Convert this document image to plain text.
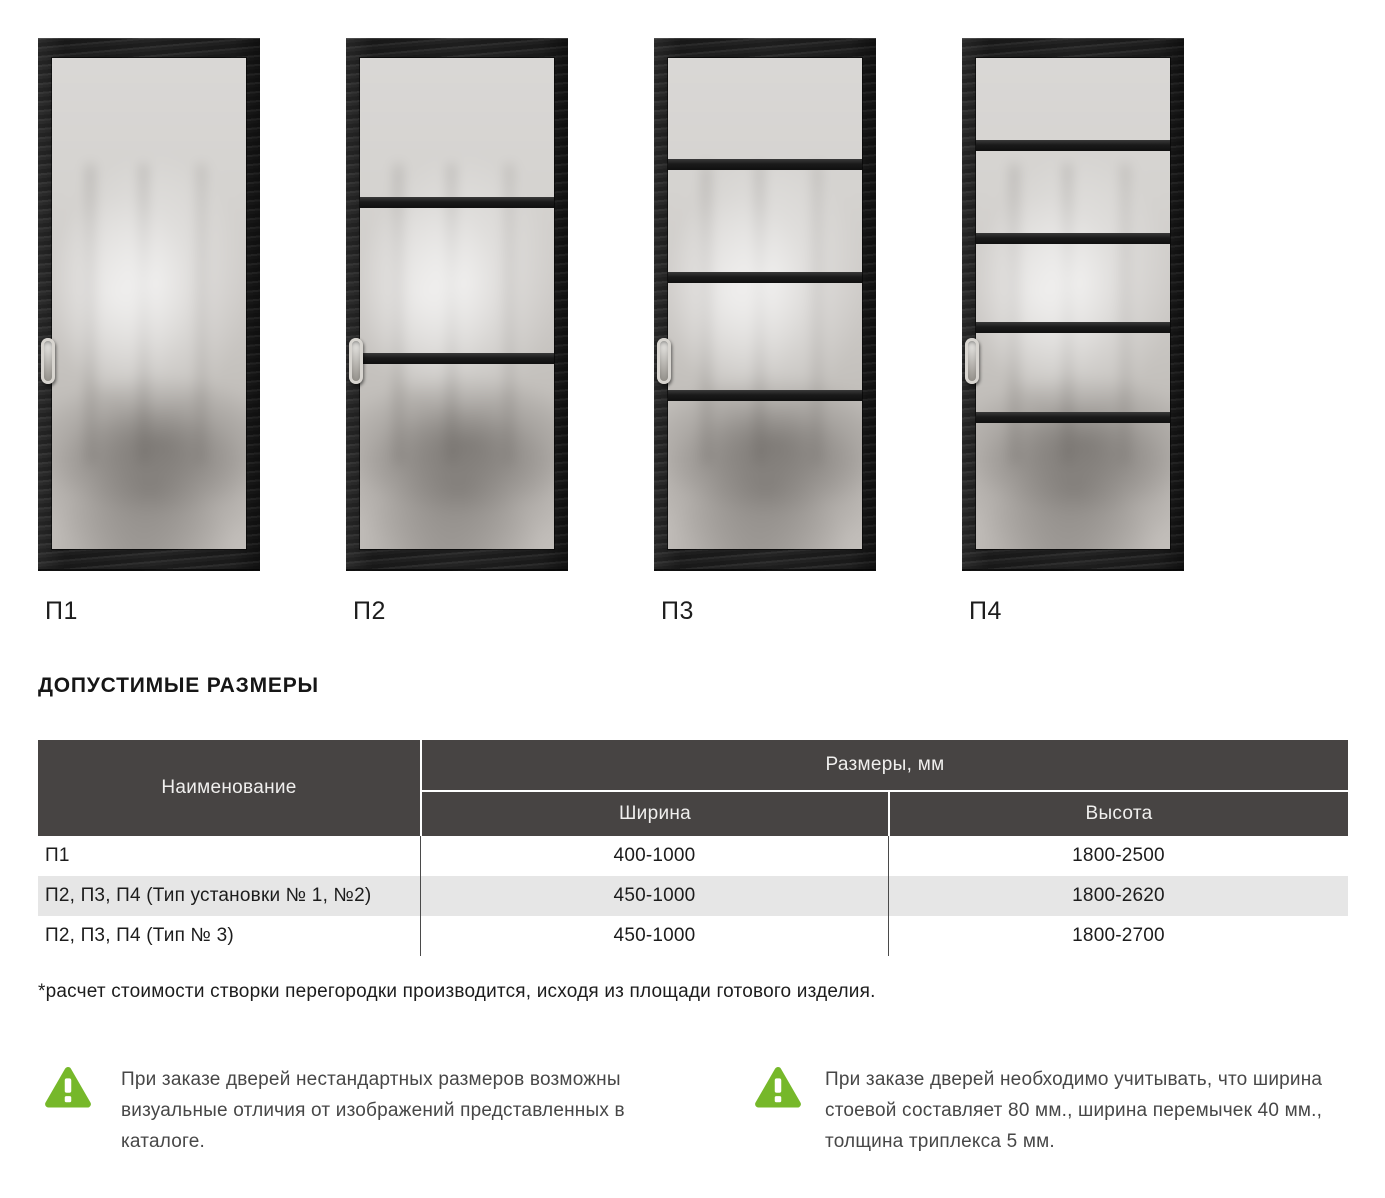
П1	П2	П3	П4
ДОПУСТИМЫЕ РАЗМЕРЫ
Наименование
Размеры, мм
Ширина	Высота
П1	400-1000	1800-2500
П2, П3, П4 (Тип установки № 1, №2)	450-1000	1800-2620
П2, П3, П4 (Тип № 3)	450-1000	1800-2700

*расчет стоимости створки перегородки производится, исходя из площади готового изделия.

При заказе дверей нестандартных размеров возможны визуальные отличия от изображений представленных в каталоге.

При заказе дверей необходимо учитывать, что ширина стоевой составляет 80 мм., ширина перемычек 40 мм., толщина триплекса 5 мм.
